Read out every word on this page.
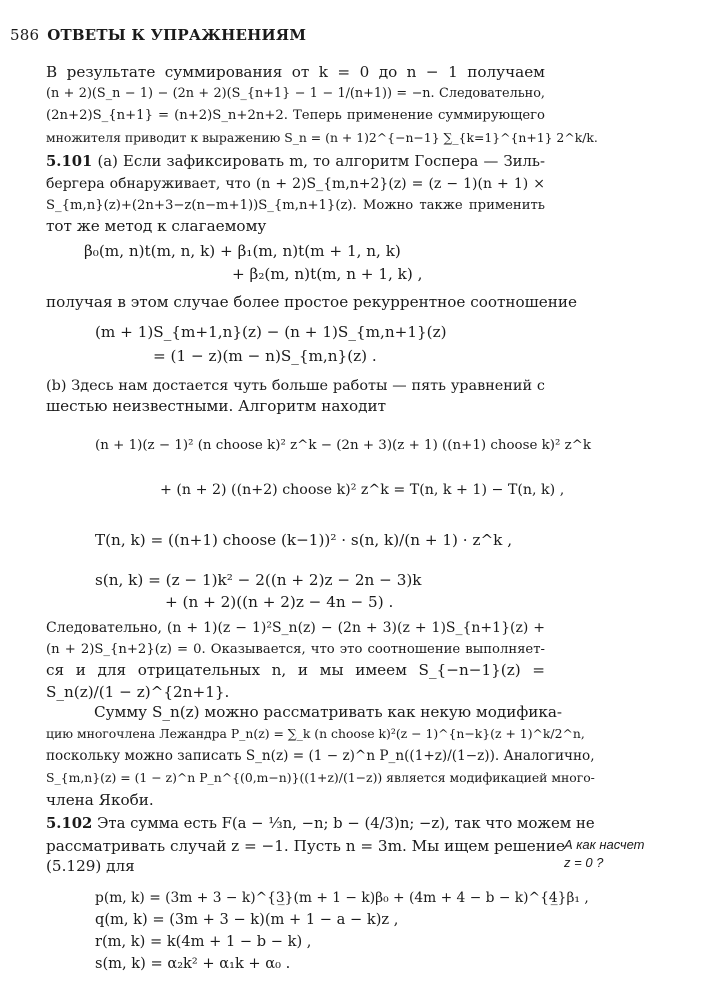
586 ОТВЕТЫ К УПРАЖНЕНИЯМ
В результате суммирования от k = 0 до n − 1 получаем
(n + 2)(S_n − 1) − (2n + 2)(S_{n+1} − 1 − 1/(n+1)) = −n. Следовательно,
(2n+2)S_{n+1} = (n+2)S_n+2n+2. Теперь применение суммирующего
множителя приводит к выражению S_n = (n + 1)2^{−n−1} ∑_{k=1}^{n+1} 2^k/k.
5.101 (a) Если зафиксировать m, то алгоритм Госпера — Зиль-
бергера обнаруживает, что (n + 2)S_{m,n+2}(z) = (z − 1)(n + 1) ×
S_{m,n}(z)+(2n+3−z(n−m+1))S_{m,n+1}(z). Можно также применить
тот же метод к слагаемому
β₀(m, n)t(m, n, k) + β₁(m, n)t(m + 1, n, k)
+ β₂(m, n)t(m, n + 1, k) ,
получая в этом случае более простое рекуррентное соотношение
(m + 1)S_{m+1,n}(z) − (n + 1)S_{m,n+1}(z)
= (1 − z)(m − n)S_{m,n}(z) .
(b) Здесь нам достается чуть больше работы — пять уравнений с
шестью неизвестными. Алгоритм находит
(n + 1)(z − 1)² (n choose k)² z^k − (2n + 3)(z + 1) ((n+1) choose k)² z^k
+ (n + 2) ((n+2) choose k)² z^k = T(n, k + 1) − T(n, k) ,
T(n, k) = ((n+1) choose (k−1))² · s(n, k)/(n + 1) · z^k ,
s(n, k) = (z − 1)k² − 2((n + 2)z − 2n − 3)k
+ (n + 2)((n + 2)z − 4n − 5) .
Следовательно, (n + 1)(z − 1)²S_n(z) − (2n + 3)(z + 1)S_{n+1}(z) +
(n + 2)S_{n+2}(z) = 0. Оказывается, что это соотношение выполняет-
ся и для отрицательных n, и мы имеем S_{−n−1}(z) =
S_n(z)/(1 − z)^{2n+1}.
Сумму S_n(z) можно рассматривать как некую модифика-
цию многочлена Лежандра P_n(z) = ∑_k (n choose k)²(z − 1)^{n−k}(z + 1)^k/2^n,
поскольку можно записать S_n(z) = (1 − z)^n P_n((1+z)/(1−z)). Аналогично,
S_{m,n}(z) = (1 − z)^n P_n^{(0,m−n)}((1+z)/(1−z)) является модификацией много-
члена Якоби.
5.102 Эта сумма есть F(a − ⅓n, −n; b − (4/3)n; −z), так что можем не
рассматривать случай z = −1. Пусть n = 3m. Мы ищем решение
(5.129) для
А как насчет
z = 0 ?
p(m, k) = (3m + 3 − k)^{3̲}(m + 1 − k)β₀ + (4m + 4 − b − k)^{4̲}β₁ ,
q(m, k) = (3m + 3 − k)(m + 1 − a − k)z ,
r(m, k) = k(4m + 1 − b − k) ,
s(m, k) = α₂k² + α₁k + α₀ .
